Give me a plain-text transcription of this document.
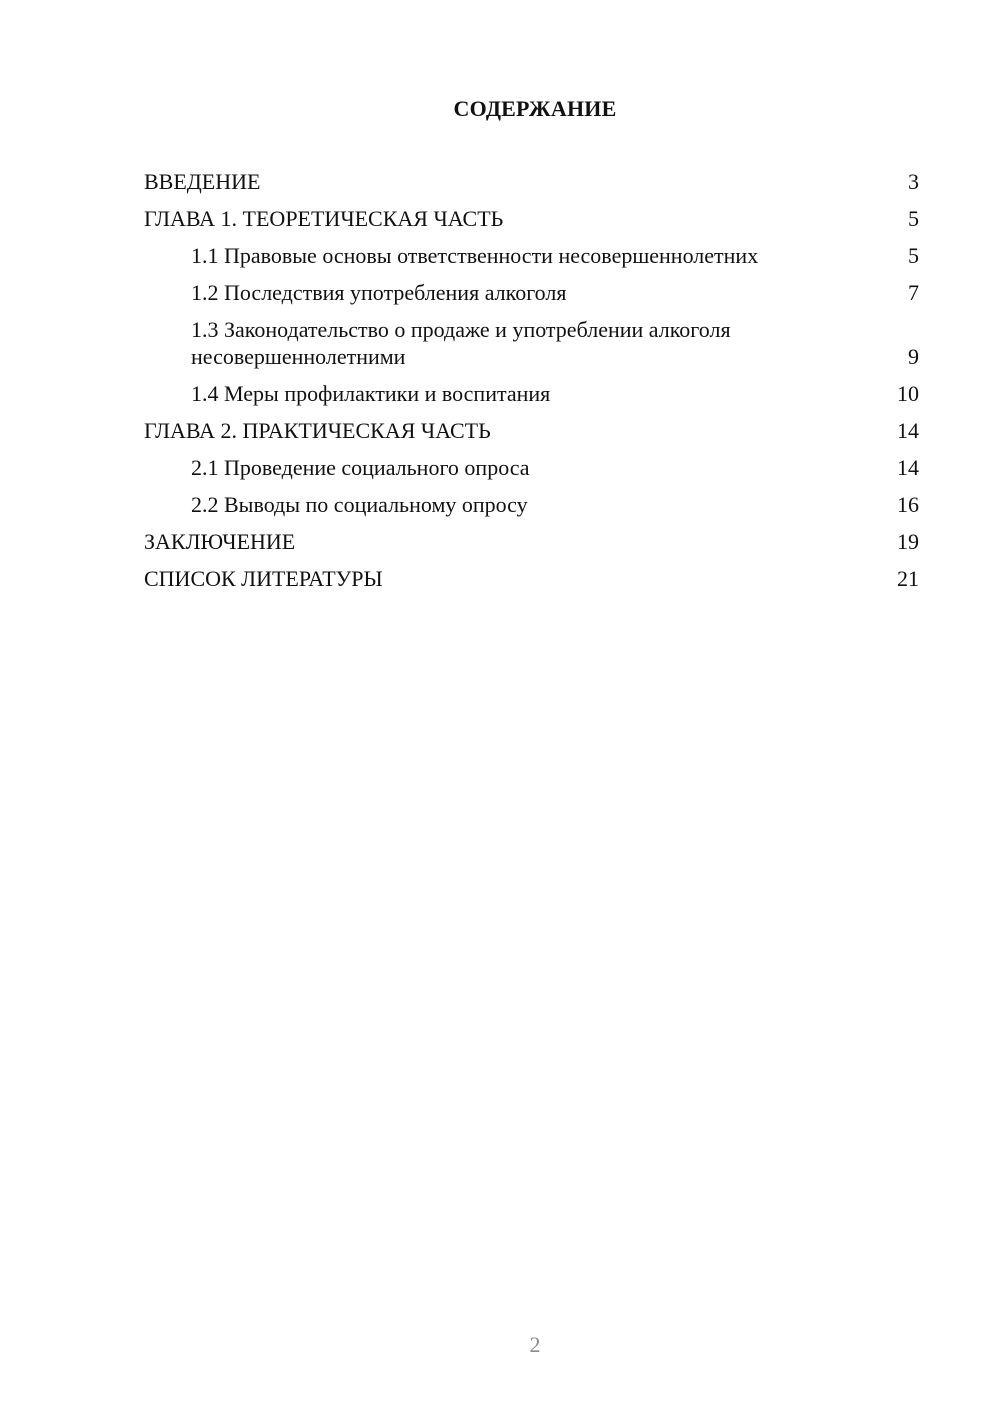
СОДЕРЖАНИЕ
ВВЕДЕНИЕ	3
ГЛАВА 1. ТЕОРЕТИЧЕСКАЯ ЧАСТЬ	5
1.1 Правовые основы ответственности несовершеннолетних	5
1.2 Последствия употребления алкоголя	7
1.3 Законодательство о продаже и употреблении алкоголя несовершеннолетними	9
1.4 Меры профилактики и воспитания	10
ГЛАВА 2. ПРАКТИЧЕСКАЯ ЧАСТЬ	14
2.1 Проведение социального опроса	14
2.2 Выводы по социальному опросу	16
ЗАКЛЮЧЕНИЕ	19
СПИСОК ЛИТЕРАТУРЫ	21
2
